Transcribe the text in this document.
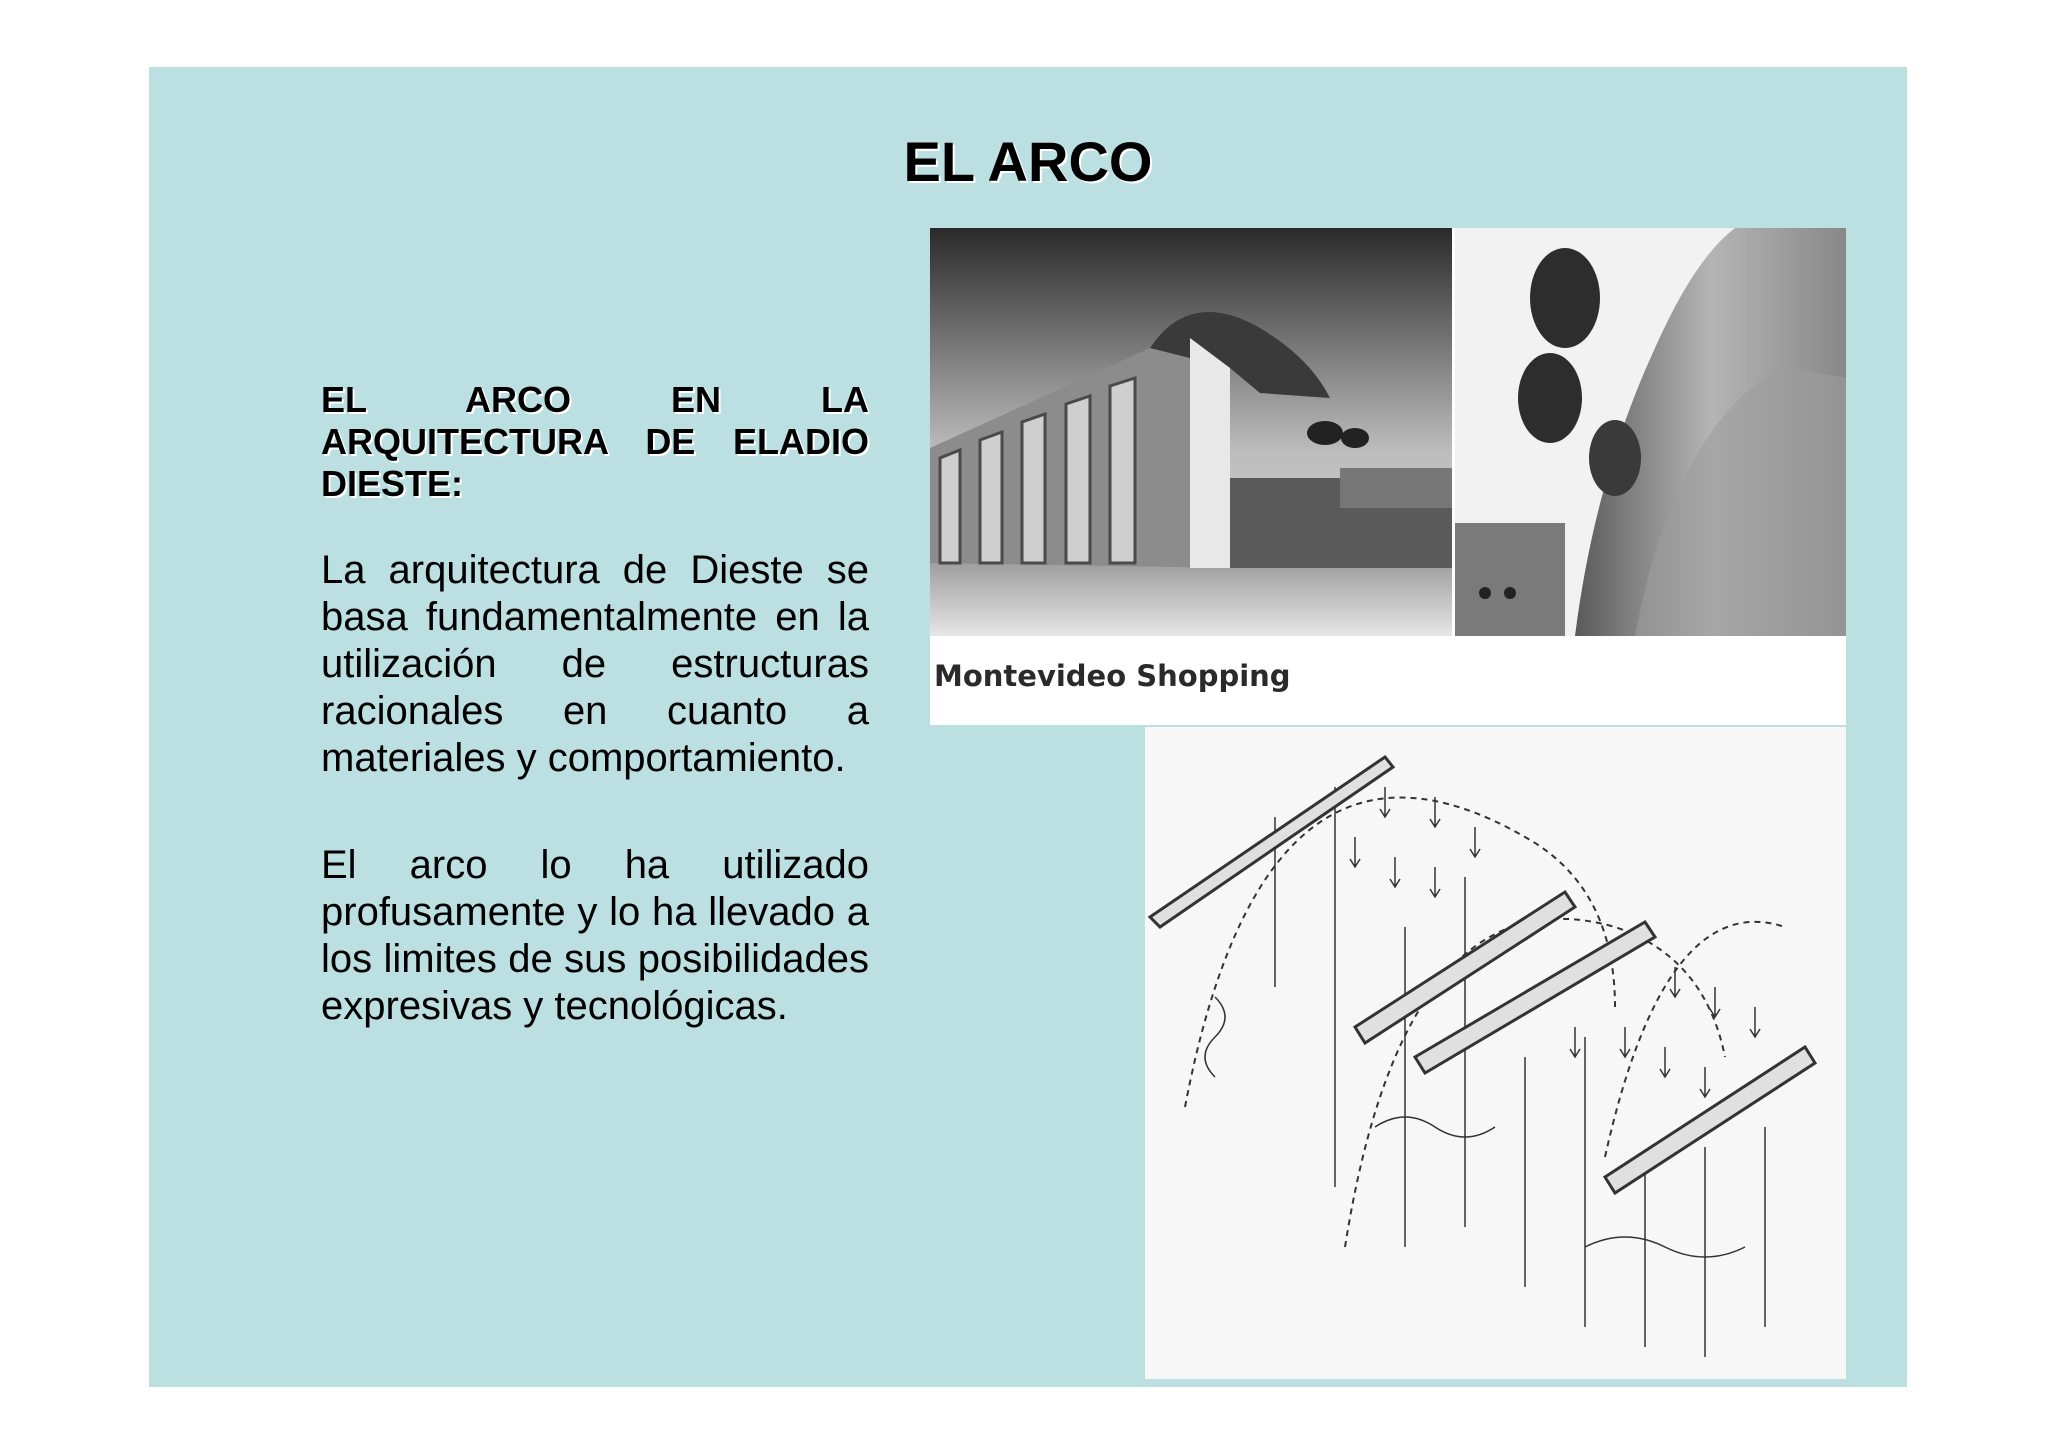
EL ARCO

EL ARCO EN LA ARQUITECTURA DE ELADIO DIESTE:

La arquitectura de Dieste se basa fundamentalmente en la utilización de estructuras racionales en cuanto a materiales y comportamiento.

El arco lo ha utilizado profusamente y lo ha llevado a los limites de sus posibilidades expresivas y tecnológicas.

Montevideo Shopping
